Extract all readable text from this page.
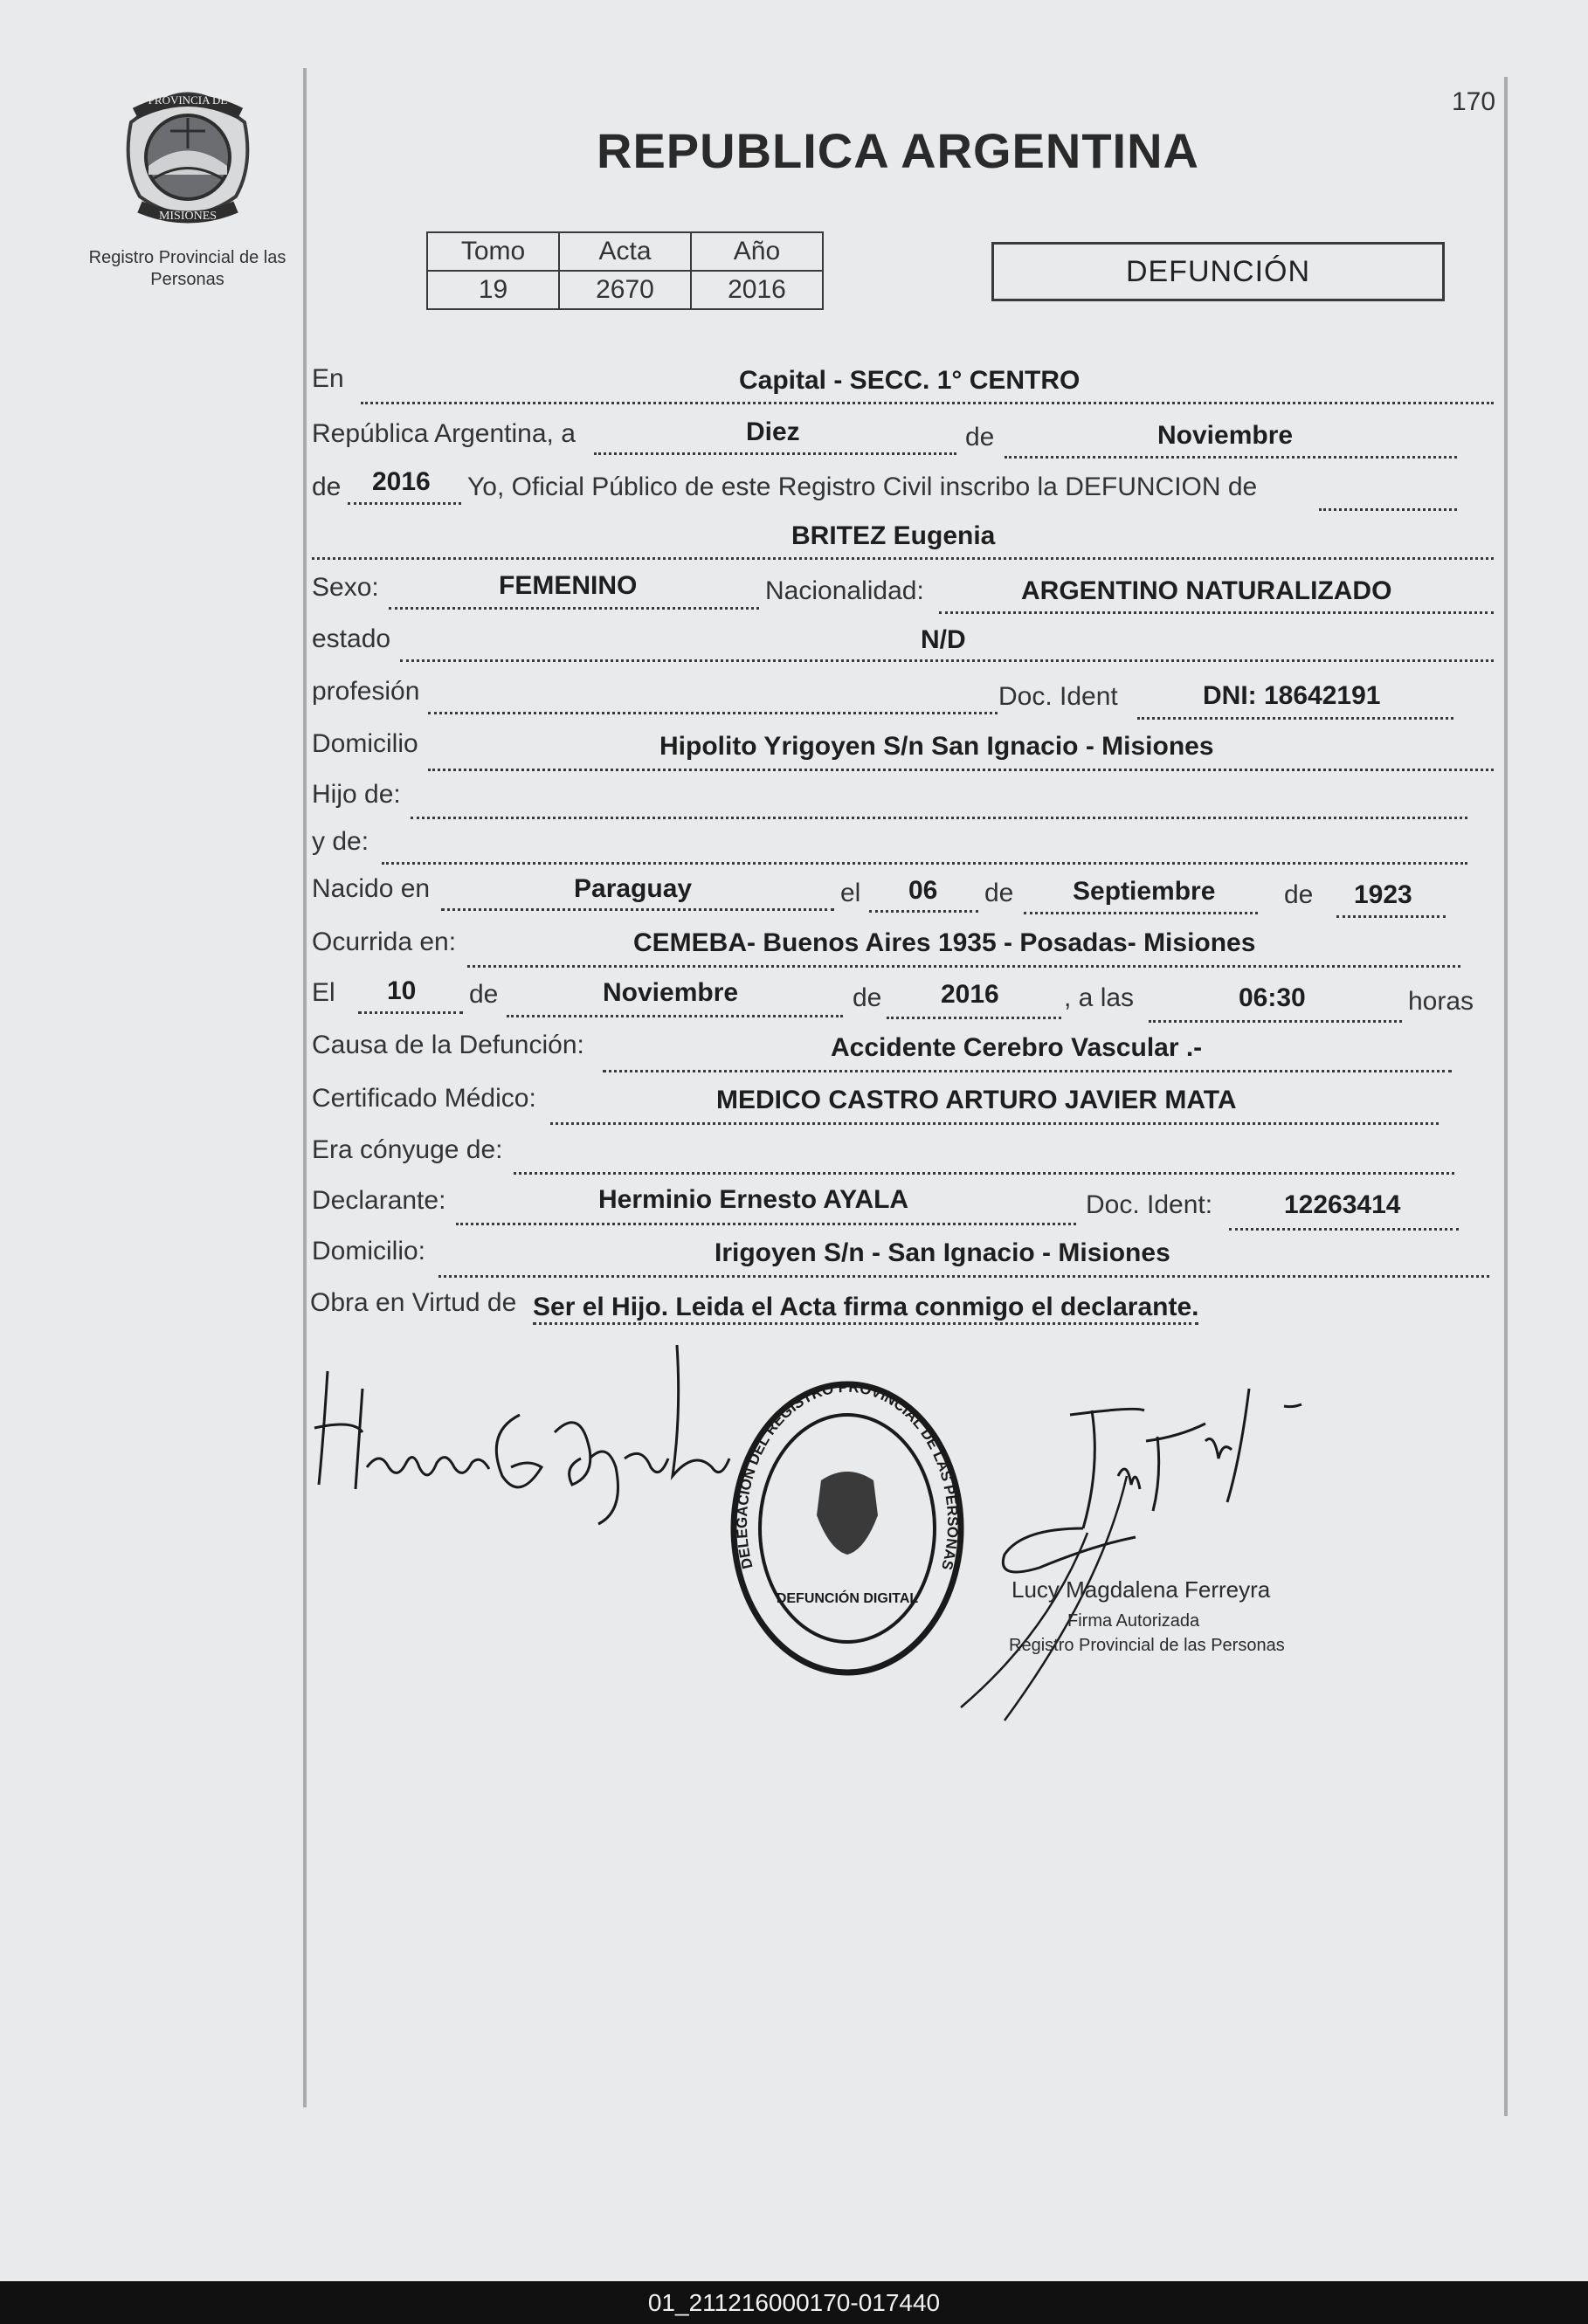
170
PROVINCIA DE
MISIONES
Registro Provincial de las Personas
REPUBLICA ARGENTINA
Tomo	Acta	Año
19	2670	2016
DEFUNCIÓN
En	Capital - SECC. 1° CENTRO
República Argentina, a	Diez	de	Noviembre
de 2016 Yo, Oficial Público de este Registro Civil inscribo la DEFUNCION de
BRITEZ Eugenia
Sexo:	FEMENINO	Nacionalidad:	ARGENTINO NATURALIZADO
estado	N/D
profesión	Doc. Ident	DNI: 18642191
Domicilio	Hipolito Yrigoyen S/n San Ignacio - Misiones
Hijo de:
y de:
Nacido en	Paraguay	el 06 de Septiembre	de 1923
Ocurrida en:	CEMEBA- Buenos Aires 1935 - Posadas- Misiones
El 10 de	Noviembre	de 2016 , a las	06:30	horas
Causa de la Defunción:	Accidente Cerebro Vascular .-
Certificado Médico:	MEDICO CASTRO ARTURO JAVIER MATA
Era cónyuge de:
Declarante:	Herminio Ernesto AYALA	Doc. Ident:	12263414
Domicilio:	Irigoyen S/n - San Ignacio - Misiones
Obra en Virtud de Ser el Hijo. Leida el Acta firma conmigo el declarante.
DELEGACIÓN DEL REGISTRO PROVINCIAL DE LAS PERSONAS
DEFUNCIÓN DIGITAL	Lucy Magdalena Ferreyra
Firma Autorizada
Registro Provincial de las Personas
01_211216000170-017440
